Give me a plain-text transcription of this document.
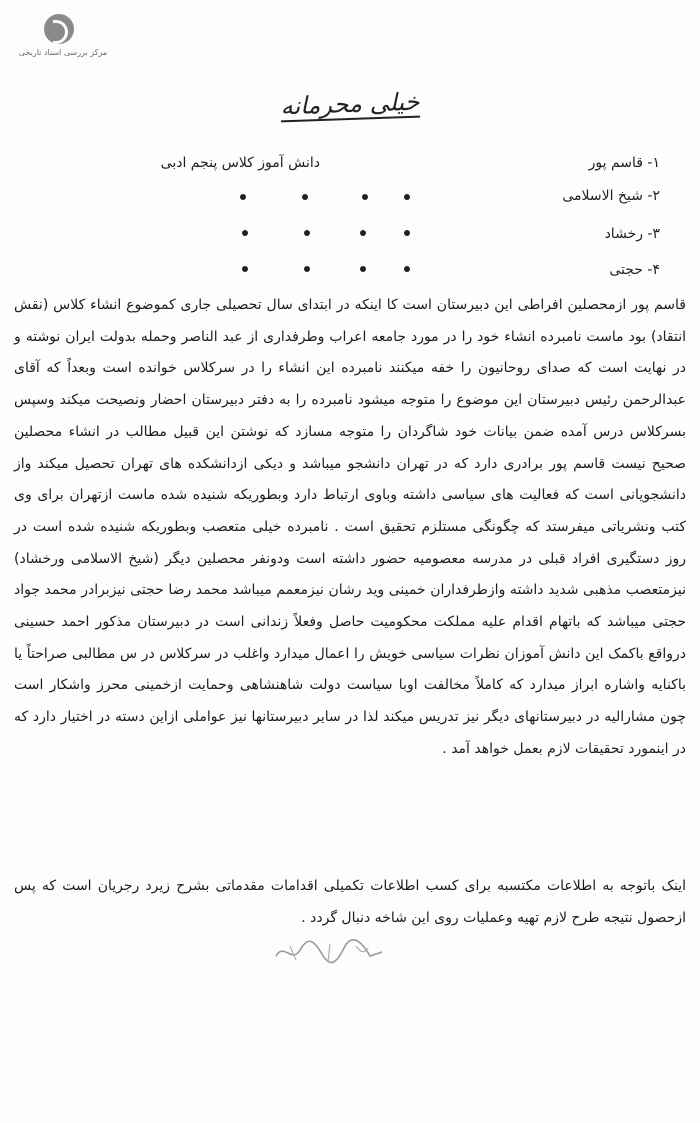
مرکز بررسی اسناد تاریخی
خیلی محرمانه
دانش آموز کلاس پنجم ادبی	۱- قاسم پور
۲- شیخ الاسلامی
۳- رخشاد
۴- حجتی
قاسم پور ازمحصلین افراطی این دبیرستان است کا اینکه در ابتدای سال تحصیلی جاری کموضوع انشاء کلاس (نقش انتقاد) بود ماست نامبرده انشاء خود را در مورد جامعه اعراب وطرفداری از عبد الناصر وحمله بدولت ایران نوشته و در نهایت است که صدای روحانیون را خفه میکنند نامبرده این انشاء را در سرکلاس خوانده است وبعداً که آقای عبدالرحمن رئیس دبیرستان این موضوع را متوجه میشود نامبرده را به دفتر دبیرستان احضار ونصیحت میکند وسپس بسرکلاس درس آمده ضمن بیانات خود شاگردان را متوجه مسازد که نوشتن این قبیل مطالب در انشاء محصلین صحیح نیست قاسم پور برادری دارد که در تهران دانشجو میباشد و دیکی ازدانشکده های تهران تحصیل میکند واز دانشجویانی است که فعالیت های سیاسی داشته وباوی ارتباط دارد وبطوریکه شنیده شده ماست ازتهران برای وی کتب ونشریاتی میفرستد که چگونگی مستلزم تحقیق است . نامبرده خیلی متعصب وبطوریکه شنیده شده است در روز دستگیری افراد قبلی در مدرسه معصومیه حضور داشته است ودونفر محصلین دیگر (شیخ الاسلامی ورخشاد) نیزمتعصب مذهبی شدید داشته وازطرفداران خمینی وید رشان نیزمعمم میباشد محمد رضا حجتی نیزبرادر محمد جواد حجتی میباشد که باتهام اقدام علیه مملکت محکومیت حاصل وفعلاً زندانی است در دبیرستان مذکور احمد حسینی درواقع باکمک این دانش آموزان نظرات سیاسی خویش را اعمال میدارد واغلب در سرکلاس در س مطالبی صراحتاً یا باکنایه واشاره ابراز میدارد که کاملاً مخالفت اوبا سیاست دولت شاهنشاهی وحمایت ازخمینی محرز واشکار است چون مشارالیه در دبیرستانهای دیگر نیز تدریس میکند لذا در سایر دبیرستانها نیز عواملی ازاین دسته در اختیار دارد که در اینمورد تحقیقات لازم بعمل خواهد آمد .
اینک باتوجه به اطلاعات مکتسبه برای کسب اطلاعات تکمیلی اقدامات مقدماتی بشرح زیرد رجریان است که پس ازحصول نتیجه طرح لازم تهیه وعملیات روی این شاخه دنبال گردد .
